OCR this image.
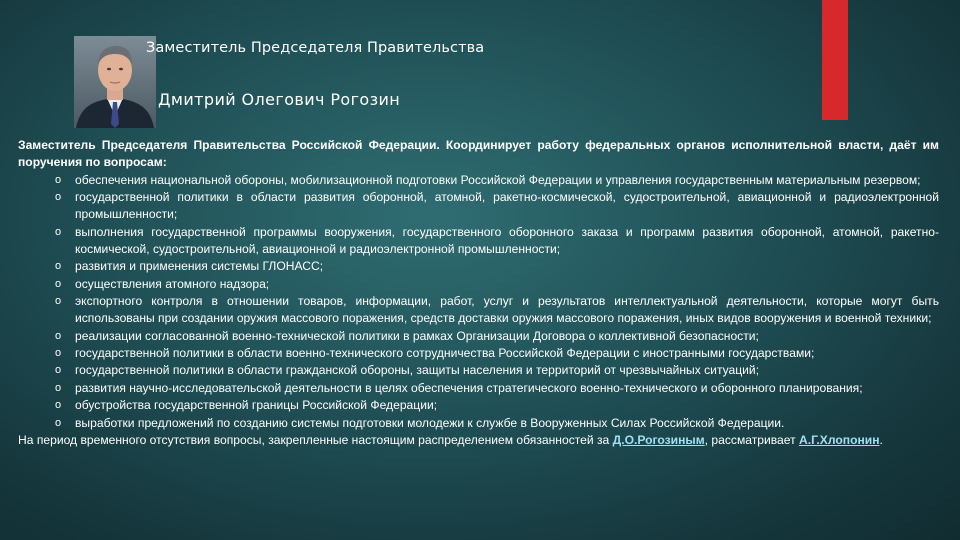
Заместитель Председателя Правительства
Дмитрий Олегович Рогозин
Заместитель Председателя Правительства Российской Федерации. Координирует работу федеральных органов исполнительной власти, даёт им поручения по вопросам:
o обеспечения национальной обороны, мобилизационной подготовки Российской Федерации и управления государственным материальным резервом;
o государственной политики в области развития оборонной, атомной, ракетно-космической, судостроительной, авиационной и радиоэлектронной промышленности;
o выполнения государственной программы вооружения, государственного оборонного заказа и программ развития оборонной, атомной, ракетно-космической, судостроительной, авиационной и радиоэлектронной промышленности;
o развития и применения системы ГЛОНАСС;
o осуществления атомного надзора;
o экспортного контроля в отношении товаров, информации, работ, услуг и результатов интеллектуальной деятельности, которые могут быть использованы при создании оружия массового поражения, средств доставки оружия массового поражения, иных видов вооружения и военной техники;
o реализации согласованной военно-технической политики в рамках Организации Договора о коллективной безопасности;
o государственной политики в области военно-технического сотрудничества Российской Федерации с иностранными государствами;
o государственной политики в области гражданской обороны, защиты населения и территорий от чрезвычайных ситуаций;
o развития научно-исследовательской деятельности в целях обеспечения стратегического военно-технического и оборонного планирования;
o обустройства государственной границы Российской Федерации;
o выработки предложений по созданию системы подготовки молодежи к службе в Вооруженных Силах Российской Федерации.
На период временного отсутствия вопросы, закрепленные настоящим распределением обязанностей за Д.О.Рогозиным, рассматривает А.Г.Хлопонин.
